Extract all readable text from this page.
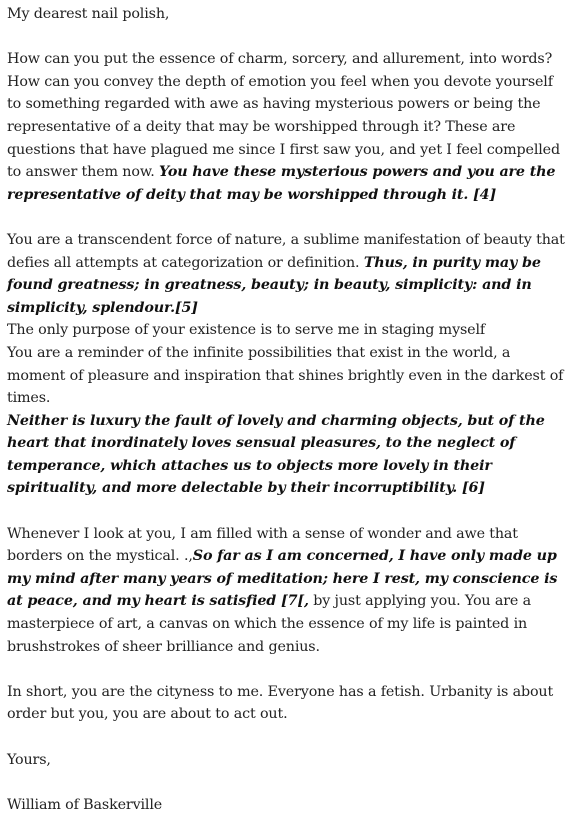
My dearest nail polish,

How can you put the essence of charm, sorcery, and allurement, into words? How can you convey the depth of emotion you feel when you devote yourself to something regarded with awe as having mysterious powers or being the representative of a deity that may be worshipped through it? These are questions that have plagued me since I first saw you, and yet I feel compelled to answer them now. You have these mysterious powers and you are the representative of deity that may be worshipped through it. [4]

You are a transcendent force of nature, a sublime manifestation of beauty that defies all attempts at categorization or definition. Thus, in purity may be found greatness; in greatness, beauty; in beauty, simplicity: and in simplicity, splendour.[5]

The only purpose of your existence is to serve me in staging myself

You are a reminder of the infinite possibilities that exist in the world, a moment of pleasure and inspiration that shines brightly even in the darkest of times.

Neither is luxury the fault of lovely and charming objects, but of the heart that inordinately loves sensual pleasures, to the neglect of temperance, which attaches us to objects more lovely in their spirituality, and more delectable by their incorruptibility. [6]

Whenever I look at you, I am filled with a sense of wonder and awe that borders on the mystical. .,So far as I am concerned, I have only made up my mind after many years of meditation; here I rest, my conscience is at peace, and my heart is satisfied [7[, by just applying you. You are a masterpiece of art, a canvas on which the essence of my life is painted in brushstrokes of sheer brilliance and genius.

In short, you are the cityness to me. Everyone has a fetish. Urbanity is about order but you, you are about to act out.

Yours,

William of Baskerville
